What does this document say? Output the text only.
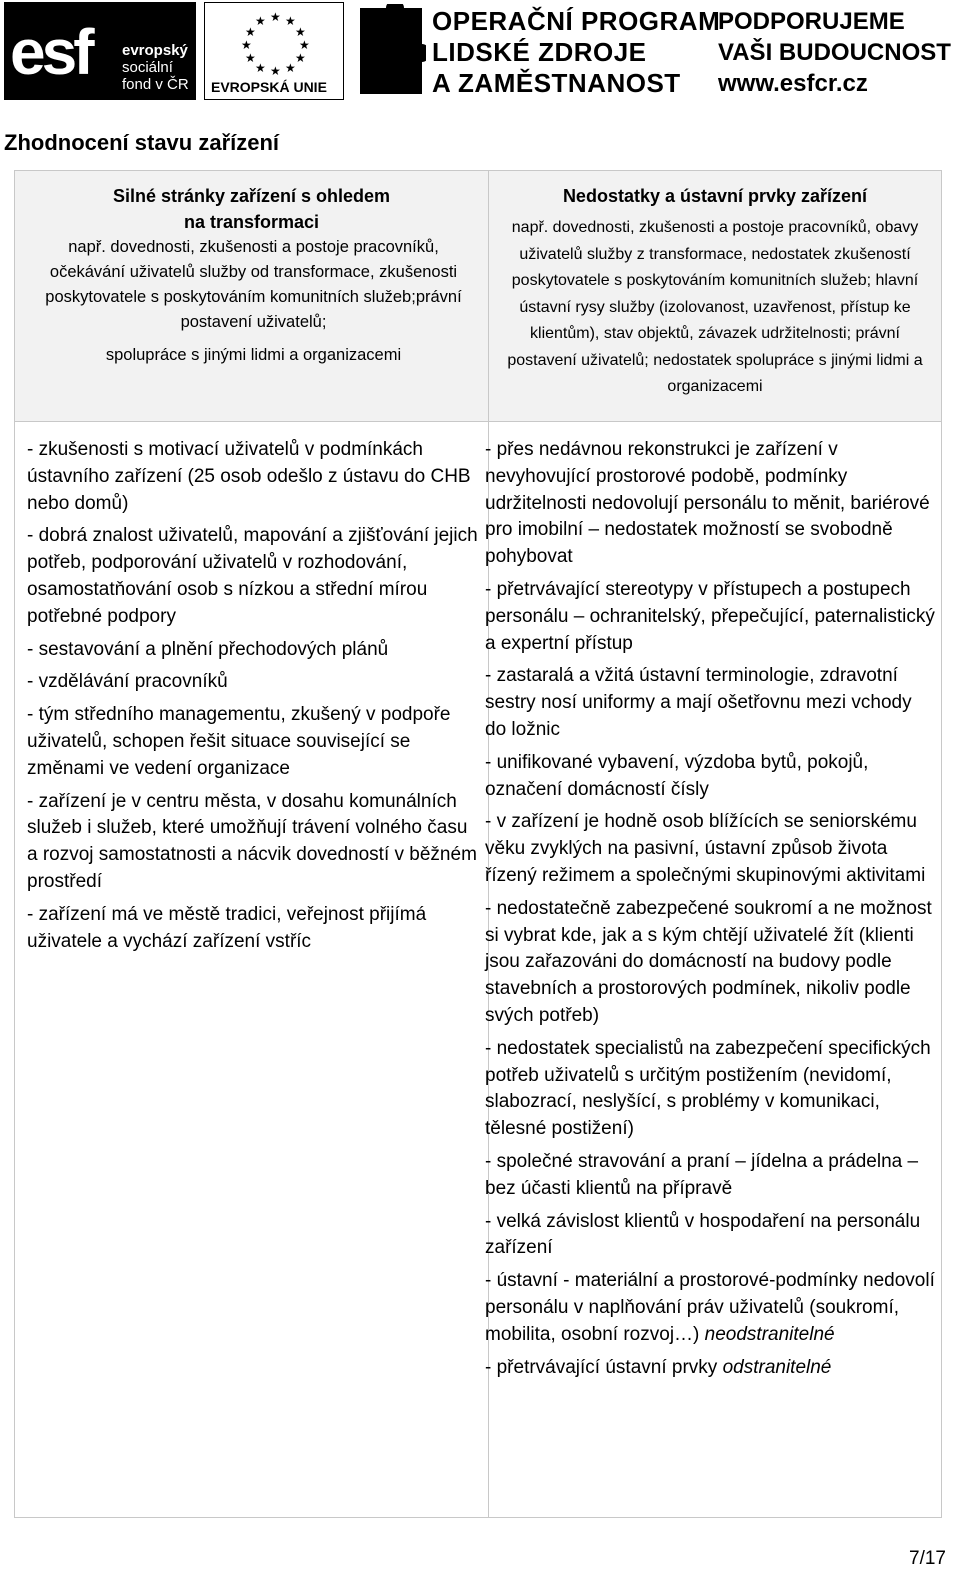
esf evropský
sociální
fond v ČR
★ ★
★
★
★
★
★
★
★
★
★
★
EVROPSKÁ UNIE
OPERAČNÍ PROGRAM
LIDSKÉ ZDROJE
A ZAMĚSTNANOST
PODPORUJEME
VAŠI BUDOUCNOST
www.esfcr.cz
Zhodnocení stavu zařízení
Silné stránky zařízení s ohledem
na transformaci
např. dovednosti, zkušenosti a postoje pracovníků, očekávání uživatelů služby od transformace, zkušenosti poskytovatele s poskytováním komunitních služeb;právní postavení uživatelů;
spolupráce s jinými lidmi a organizacemi
Nedostatky a ústavní prvky zařízení
např. dovednosti, zkušenosti a postoje pracovníků, obavy uživatelů služby z transformace, nedostatek zkušeností poskytovatele s poskytováním komunitních služeb; hlavní ústavní rysy služby (izolovanost, uzavřenost, přístup ke klientům), stav objektů, závazek udržitelnosti; právní postavení uživatelů; nedostatek spolupráce s jinými lidmi a organizacemi
- zkušenosti s motivací uživatelů v podmínkách ústavního zařízení (25 osob odešlo z ústavu do CHB nebo domů)
- dobrá znalost uživatelů, mapování a zjišťování jejich potřeb, podporování uživatelů v rozhodování, osamostatňování osob s nízkou a střední mírou potřebné podpory
- sestavování a plnění přechodových plánů
- vzdělávání pracovníků
- tým středního managementu, zkušený v podpoře uživatelů, schopen řešit situace související se změnami ve vedení organizace
- zařízení je v centru města, v dosahu komunálních služeb i služeb, které umožňují trávení volného času a rozvoj samostatnosti a nácvik dovedností v běžném prostředí
- zařízení má ve městě tradici, veřejnost přijímá uživatele a vychází zařízení vstříc
- přes nedávnou rekonstrukci je zařízení v nevyhovující prostorové podobě, podmínky udržitelnosti nedovolují personálu to měnit, bariérové pro imobilní – nedostatek možností se svobodně pohybovat
- přetrvávající stereotypy v přístupech a postupech personálu – ochranitelský, přepečující, paternalistický a expertní přístup
- zastaralá a vžitá ústavní terminologie, zdravotní sestry nosí uniformy a mají ošetřovnu mezi vchody do ložnic
- unifikované vybavení, výzdoba bytů, pokojů, označení domácností čísly
- v zařízení je hodně osob blížících se seniorskému věku zvyklých na pasivní, ústavní způsob života řízený režimem a společnými skupinovými aktivitami
- nedostatečně zabezpečené soukromí a ne možnost si vybrat kde, jak a s kým chtějí uživatelé žít (klienti jsou zařazováni do domácností na budovy podle stavebních a prostorových podmínek, nikoliv podle svých potřeb)
- nedostatek specialistů na zabezpečení specifických potřeb uživatelů s určitým postižením (nevidomí, slabozrací, neslyšící, s problémy v komunikaci, tělesné postižení)
- společné stravování a praní – jídelna a prádelna – bez účasti klientů na přípravě
- velká závislost klientů v hospodaření na personálu zařízení
- ústavní - materiální a prostorové-podmínky nedovolí personálu v naplňování práv uživatelů (soukromí, mobilita, osobní rozvoj…) neodstranitelné
- přetrvávající ústavní prvky odstranitelné
7/17
